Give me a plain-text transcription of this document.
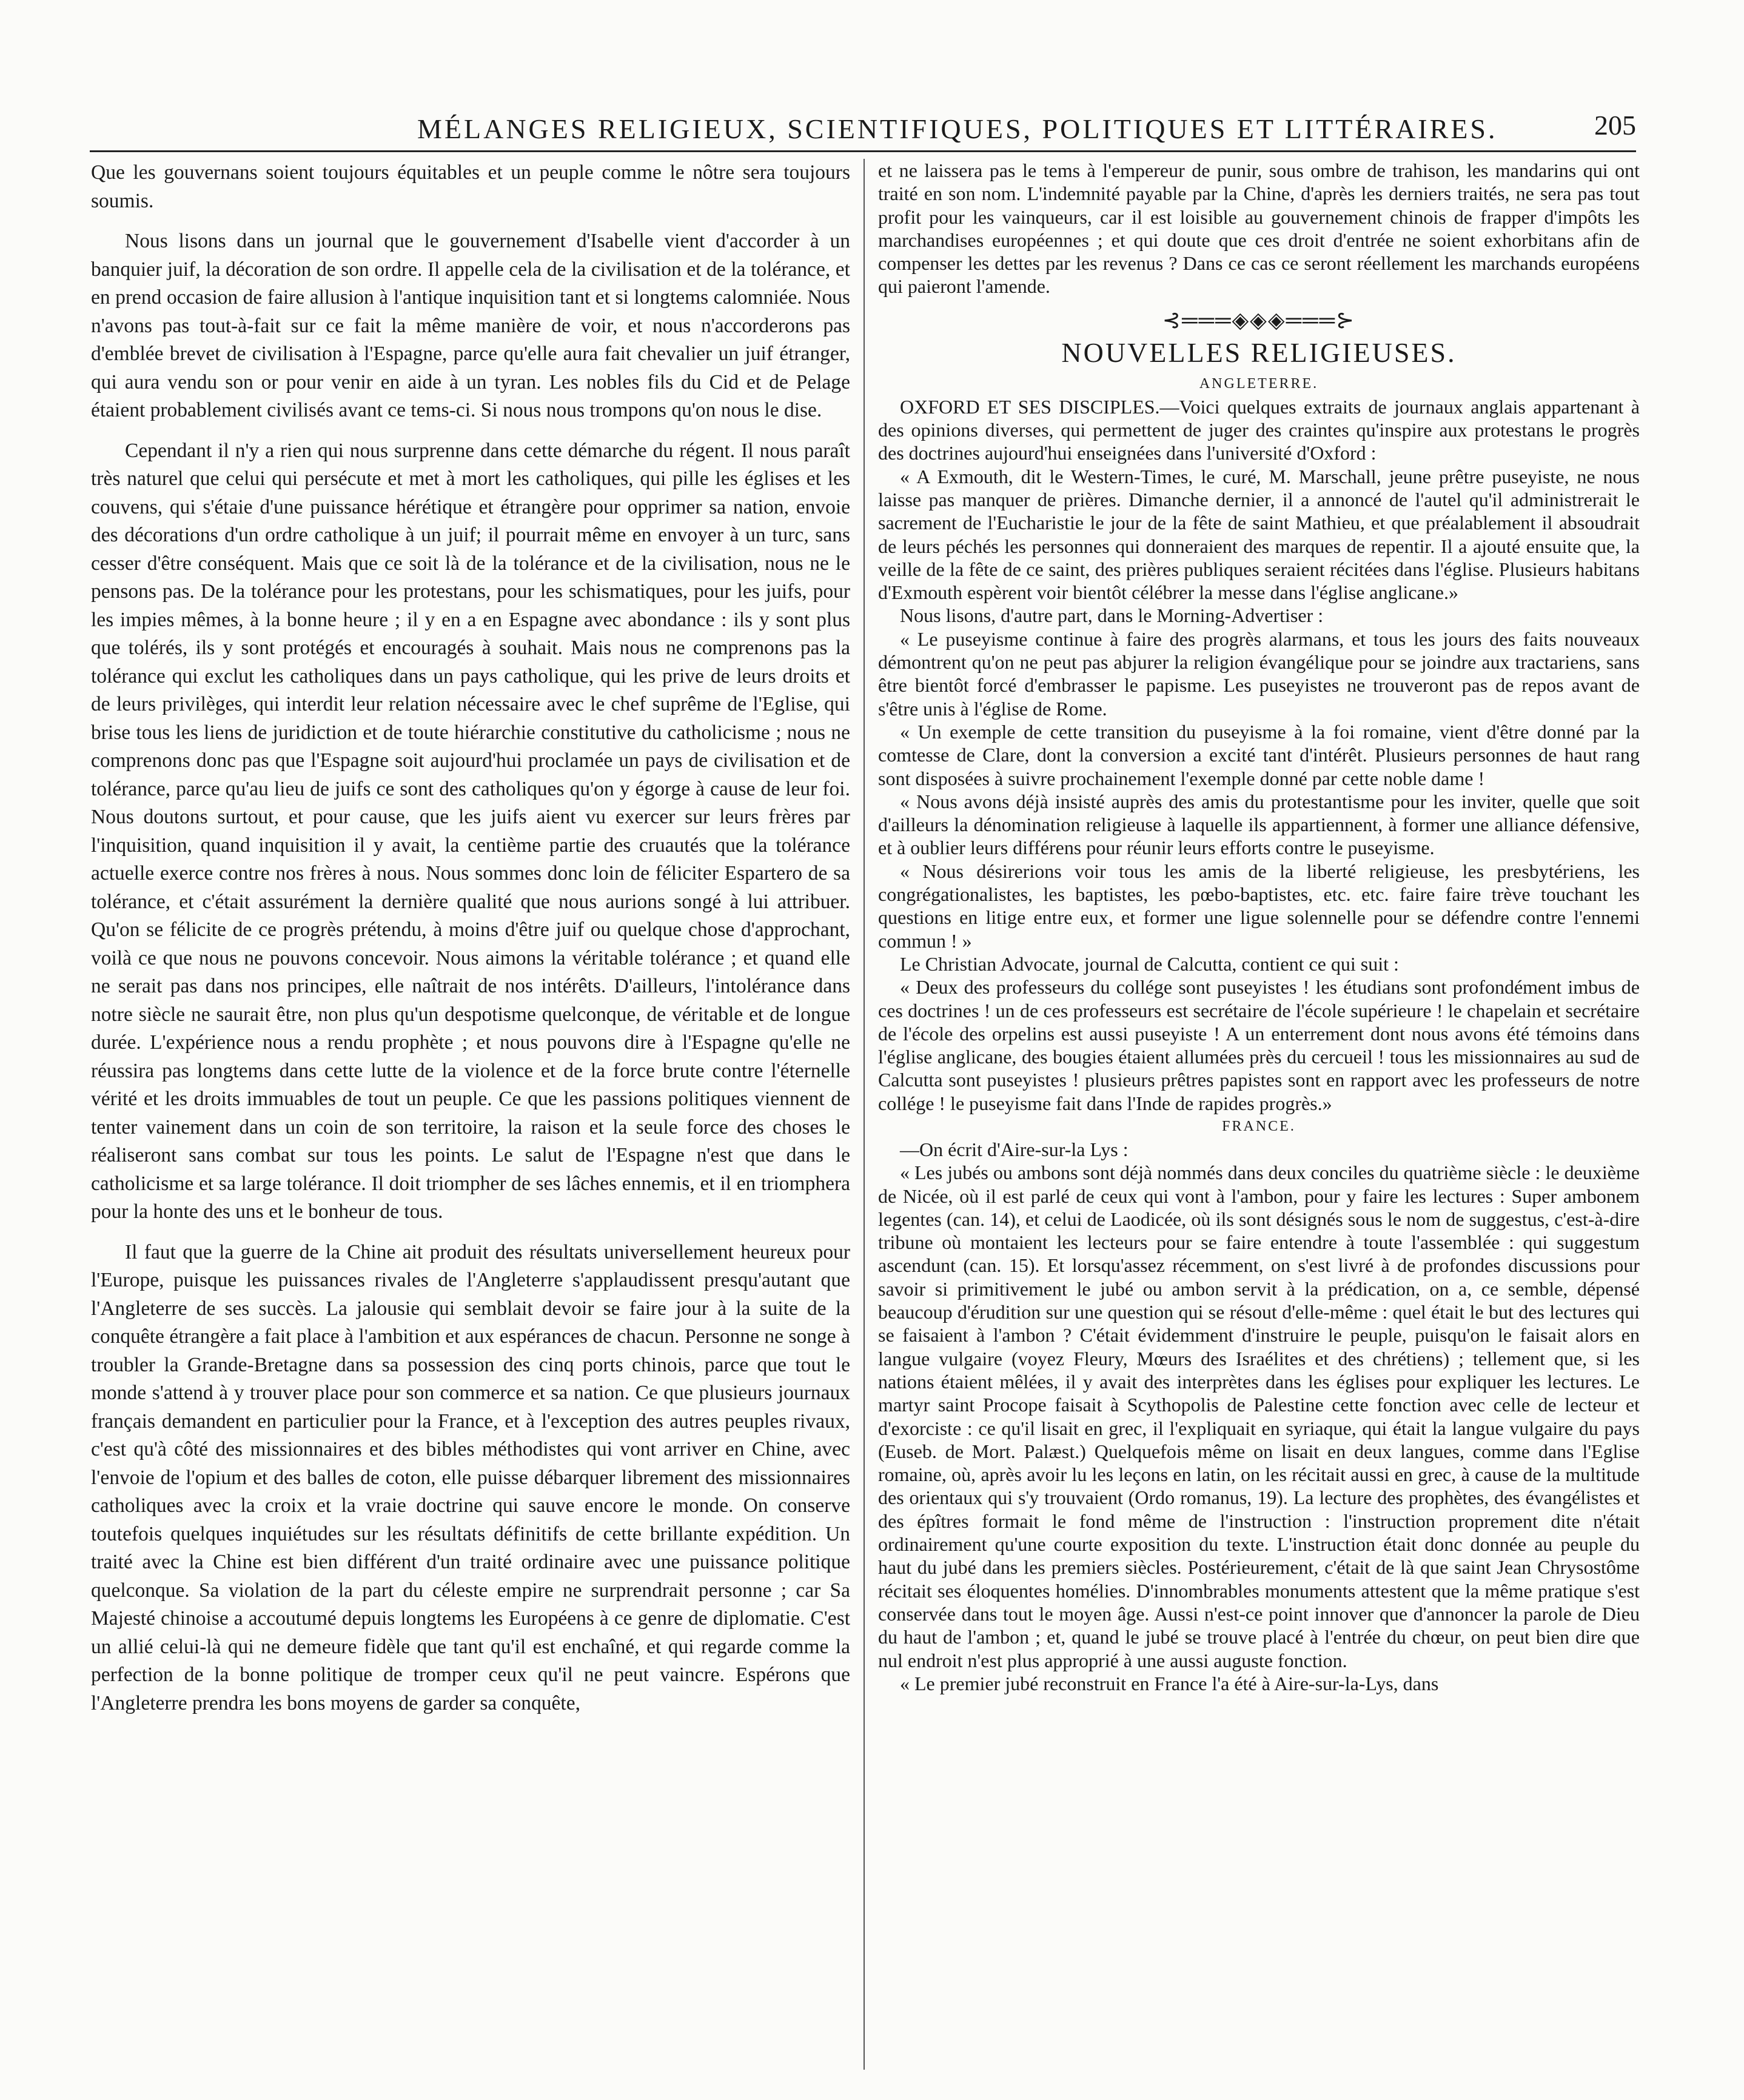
MÉLANGES RELIGIEUX, SCIENTIFIQUES, POLITIQUES ET LITTÉRAIRES.	205

Que les gouvernans soient toujours équitables et un peuple comme le nôtre sera toujours soumis.

Nous lisons dans un journal que le gouvernement d'Isabelle vient d'accorder à un banquier juif, la décoration de son ordre. Il appelle cela de la civilisation et de la tolérance, et en prend occasion de faire allusion à l'antique inquisition tant et si longtems calomniée. Nous n'avons pas tout-à-fait sur ce fait la même manière de voir, et nous n'accorderons pas d'emblée brevet de civilisation à l'Espagne, parce qu'elle aura fait chevalier un juif étranger, qui aura vendu son or pour venir en aide à un tyran. Les nobles fils du Cid et de Pelage étaient probablement civilisés avant ce tems-ci. Si nous nous trompons qu'on nous le dise.

Cependant il n'y a rien qui nous surprenne dans cette démarche du régent. Il nous paraît très naturel que celui qui persécute et met à mort les catholiques, qui pille les églises et les couvens, qui s'étaie d'une puissance hérétique et étrangère pour opprimer sa nation, envoie des décorations d'un ordre catholique à un juif; il pourrait même en envoyer à un turc, sans cesser d'être conséquent. Mais que ce soit là de la tolérance et de la civilisation, nous ne le pensons pas. De la tolérance pour les protestans, pour les schismatiques, pour les juifs, pour les impies mêmes, à la bonne heure ; il y en a en Espagne avec abondance : ils y sont plus que tolérés, ils y sont protégés et encouragés à souhait. Mais nous ne comprenons pas la tolérance qui exclut les catholiques dans un pays catholique, qui les prive de leurs droits et de leurs privilèges, qui interdit leur relation nécessaire avec le chef suprême de l'Eglise, qui brise tous les liens de juridiction et de toute hiérarchie constitutive du catholicisme ; nous ne comprenons donc pas que l'Espagne soit aujourd'hui proclamée un pays de civilisation et de tolérance, parce qu'au lieu de juifs ce sont des catholiques qu'on y égorge à cause de leur foi. Nous doutons surtout, et pour cause, que les juifs aient vu exercer sur leurs frères par l'inquisition, quand inquisition il y avait, la centième partie des cruautés que la tolérance actuelle exerce contre nos frères à nous. Nous sommes donc loin de féliciter Espartero de sa tolérance, et c'était assurément la dernière qualité que nous aurions songé à lui attribuer. Qu'on se félicite de ce progrès prétendu, à moins d'être juif ou quelque chose d'approchant, voilà ce que nous ne pouvons concevoir. Nous aimons la véritable tolérance ; et quand elle ne serait pas dans nos principes, elle naîtrait de nos intérêts. D'ailleurs, l'intolérance dans notre siècle ne saurait être, non plus qu'un despotisme quelconque, de véritable et de longue durée. L'expérience nous a rendu prophète ; et nous pouvons dire à l'Espagne qu'elle ne réussira pas longtems dans cette lutte de la violence et de la force brute contre l'éternelle vérité et les droits immuables de tout un peuple. Ce que les passions politiques viennent de tenter vainement dans un coin de son territoire, la raison et la seule force des choses le réaliseront sans combat sur tous les points. Le salut de l'Espagne n'est que dans le catholicisme et sa large tolérance. Il doit triompher de ses lâches ennemis, et il en triomphera pour la honte des uns et le bonheur de tous.

Il faut que la guerre de la Chine ait produit des résultats universellement heureux pour l'Europe, puisque les puissances rivales de l'Angleterre s'applaudissent presqu'autant que l'Angleterre de ses succès. La jalousie qui semblait devoir se faire jour à la suite de la conquête étrangère a fait place à l'ambition et aux espérances de chacun. Personne ne songe à troubler la Grande-Bretagne dans sa possession des cinq ports chinois, parce que tout le monde s'attend à y trouver place pour son commerce et sa nation. Ce que plusieurs journaux français demandent en particulier pour la France, et à l'exception des autres peuples rivaux, c'est qu'à côté des missionnaires et des bibles méthodistes qui vont arriver en Chine, avec l'envoie de l'opium et des balles de coton, elle puisse débarquer librement des missionnaires catholiques avec la croix et la vraie doctrine qui sauve encore le monde. On conserve toutefois quelques inquiétudes sur les résultats définitifs de cette brillante expédition. Un traité avec la Chine est bien différent d'un traité ordinaire avec une puissance politique quelconque. Sa violation de la part du céleste empire ne surprendrait personne ; car Sa Majesté chinoise a accoutumé depuis longtems les Européens à ce genre de diplomatie. C'est un allié celui-là qui ne demeure fidèle que tant qu'il est enchaîné, et qui regarde comme la perfection de la bonne politique de tromper ceux qu'il ne peut vaincre. Espérons que l'Angleterre prendra les bons moyens de garder sa conquête,

et ne laissera pas le tems à l'empereur de punir, sous ombre de trahison, les mandarins qui ont traité en son nom. L'indemnité payable par la Chine, d'après les derniers traités, ne sera pas tout profit pour les vainqueurs, car il est loisible au gouvernement chinois de frapper d'impôts les marchandises européennes ; et qui doute que ces droit d'entrée ne soient exhorbitans afin de compenser les dettes par les revenus ? Dans ce cas ce seront réellement les marchands européens qui paieront l'amende.

⊰═══◈◈◈═══⊱
NOUVELLES RELIGIEUSES.
ANGLETERRE.

OXFORD ET SES DISCIPLES.—Voici quelques extraits de journaux anglais appartenant à des opinions diverses, qui permettent de juger des craintes qu'inspire aux protestans le progrès des doctrines aujourd'hui enseignées dans l'université d'Oxford :

« A Exmouth, dit le Western-Times, le curé, M. Marschall, jeune prêtre puseyiste, ne nous laisse pas manquer de prières. Dimanche dernier, il a annoncé de l'autel qu'il administrerait le sacrement de l'Eucharistie le jour de la fête de saint Mathieu, et que préalablement il absoudrait de leurs péchés les personnes qui donneraient des marques de repentir. Il a ajouté ensuite que, la veille de la fête de ce saint, des prières publiques seraient récitées dans l'église. Plusieurs habitans d'Exmouth espèrent voir bientôt célébrer la messe dans l'église anglicane.»

Nous lisons, d'autre part, dans le Morning-Advertiser :

« Le puseyisme continue à faire des progrès alarmans, et tous les jours des faits nouveaux démontrent qu'on ne peut pas abjurer la religion évangélique pour se joindre aux tractariens, sans être bientôt forcé d'embrasser le papisme. Les puseyistes ne trouveront pas de repos avant de s'être unis à l'église de Rome.

« Un exemple de cette transition du puseyisme à la foi romaine, vient d'être donné par la comtesse de Clare, dont la conversion a excité tant d'intérêt. Plusieurs personnes de haut rang sont disposées à suivre prochainement l'exemple donné par cette noble dame !

« Nous avons déjà insisté auprès des amis du protestantisme pour les inviter, quelle que soit d'ailleurs la dénomination religieuse à laquelle ils appartiennent, à former une alliance défensive, et à oublier leurs différens pour réunir leurs efforts contre le puseyisme.

« Nous désirerions voir tous les amis de la liberté religieuse, les presbytériens, les congrégationalistes, les baptistes, les pœbo-baptistes, etc. etc. faire faire trève touchant les questions en litige entre eux, et former une ligue solennelle pour se défendre contre l'ennemi commun ! »

Le Christian Advocate, journal de Calcutta, contient ce qui suit :

« Deux des professeurs du collége sont puseyistes ! les étudians sont profondément imbus de ces doctrines ! un de ces professeurs est secrétaire de l'école supérieure ! le chapelain et secrétaire de l'école des orpelins est aussi puseyiste ! A un enterrement dont nous avons été témoins dans l'église anglicane, des bougies étaient allumées près du cercueil ! tous les missionnaires au sud de Calcutta sont puseyistes ! plusieurs prêtres papistes sont en rapport avec les professeurs de notre collége ! le puseyisme fait dans l'Inde de rapides progrès.»

FRANCE.

—On écrit d'Aire-sur-la Lys :

« Les jubés ou ambons sont déjà nommés dans deux conciles du quatrième siècle : le deuxième de Nicée, où il est parlé de ceux qui vont à l'ambon, pour y faire les lectures : Super ambonem legentes (can. 14), et celui de Laodicée, où ils sont désignés sous le nom de suggestus, c'est-à-dire tribune où montaient les lecteurs pour se faire entendre à toute l'assemblée : qui suggestum ascendunt (can. 15). Et lorsqu'assez récemment, on s'est livré à de profondes discussions pour savoir si primitivement le jubé ou ambon servit à la prédication, on a, ce semble, dépensé beaucoup d'érudition sur une question qui se résout d'elle-même : quel était le but des lectures qui se faisaient à l'ambon ? C'était évidemment d'instruire le peuple, puisqu'on le faisait alors en langue vulgaire (voyez Fleury, Mœurs des Israélites et des chrétiens) ; tellement que, si les nations étaient mêlées, il y avait des interprètes dans les églises pour expliquer les lectures. Le martyr saint Procope faisait à Scythopolis de Palestine cette fonction avec celle de lecteur et d'exorciste : ce qu'il lisait en grec, il l'expliquait en syriaque, qui était la langue vulgaire du pays (Euseb. de Mort. Palæst.) Quelquefois même on lisait en deux langues, comme dans l'Eglise romaine, où, après avoir lu les leçons en latin, on les récitait aussi en grec, à cause de la multitude des orientaux qui s'y trouvaient (Ordo romanus, 19). La lecture des prophètes, des évangélistes et des épîtres formait le fond même de l'instruction : l'instruction proprement dite n'était ordinairement qu'une courte exposition du texte. L'instruction était donc donnée au peuple du haut du jubé dans les premiers siècles. Postérieurement, c'était de là que saint Jean Chrysostôme récitait ses éloquentes homélies. D'innombrables monuments attestent que la même pratique s'est conservée dans tout le moyen âge. Aussi n'est-ce point innover que d'annoncer la parole de Dieu du haut de l'ambon ; et, quand le jubé se trouve placé à l'entrée du chœur, on peut bien dire que nul endroit n'est plus approprié à une aussi auguste fonction.

« Le premier jubé reconstruit en France l'a été à Aire-sur-la-Lys, dans
